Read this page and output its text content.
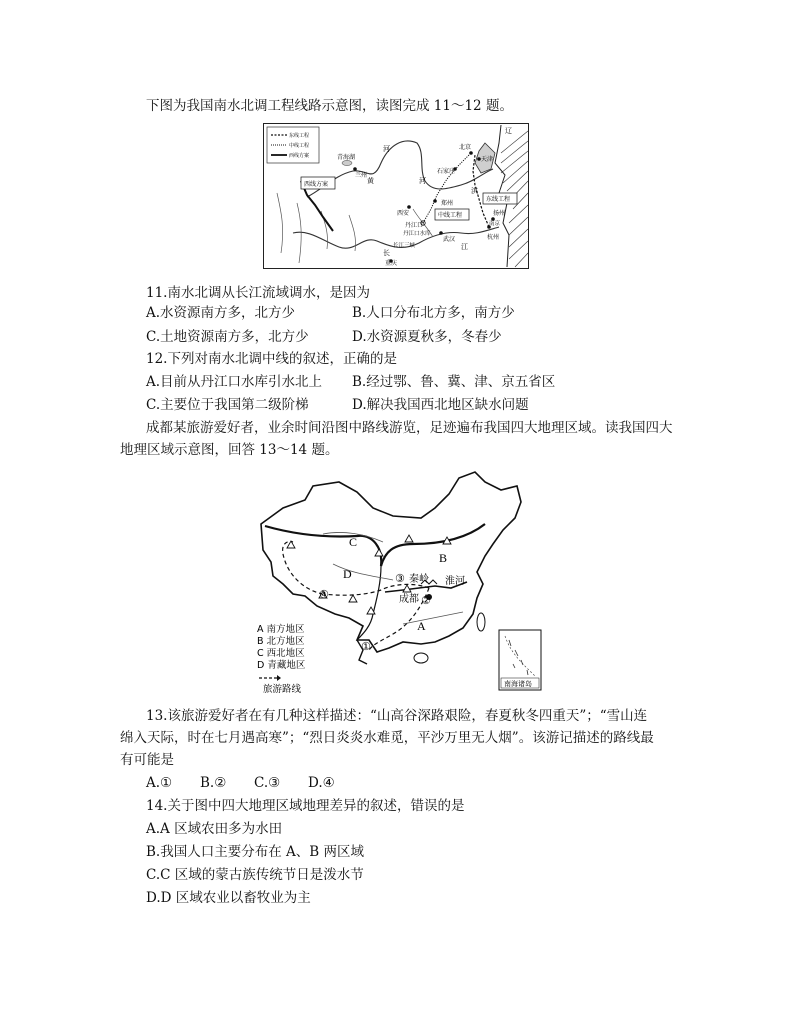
下图为我国南水北调工程线路示意图，读图完成 11～12 题。
东线工程
中线工程
西线方案
西线方案
中线工程
东线工程
青海湖
兰州
北京
天津
石家庄
郑州
西安
丹江口
丹江口水库
长江三峡
重庆
武汉
扬州
杭州
南京
河
黄	河
长
江
辽
淇
11.南水北调从长江流域调水，是因为
A.水资源南方多，北方少	B.人口分布北方多，南方少
C.土地资源南方多，北方少	D.水资源夏秋多，冬春少
12.下列对南水北调中线的叙述，正确的是
A.目前从丹江口水库引水北上 B.经过鄂、鲁、冀、津、京五省区
C.主要位于我国第二级阶梯	D.解决我国西北地区缺水问题
成都某旅游爱好者，业余时间沿图中路线游览，足迹遍布我国四大地理区域。读我国四大
地理区域示意图，回答 13～14 题。
C
D
B
A
秦岭 淮河
成都
①
②
③
④
A 南方地区
B 北方地区
C 西北地区
D 青藏地区
旅游路线	南海诸岛
13.该旅游爱好者在有几种这样描述：“山高谷深路艰险，春夏秋冬四重天”；“雪山连
绵入天际，时在七月遇高寒”；“烈日炎炎水难觅，平沙万里无人烟”。该游记描述的路线最
有可能是
A.① B.② C.③ D.④
14.关于图中四大地理区域地理差异的叙述，错误的是
A.A 区域农田多为水田
B.我国人口主要分布在 A、B 两区域
C.C 区域的蒙古族传统节日是泼水节
D.D 区域农业以畜牧业为主
